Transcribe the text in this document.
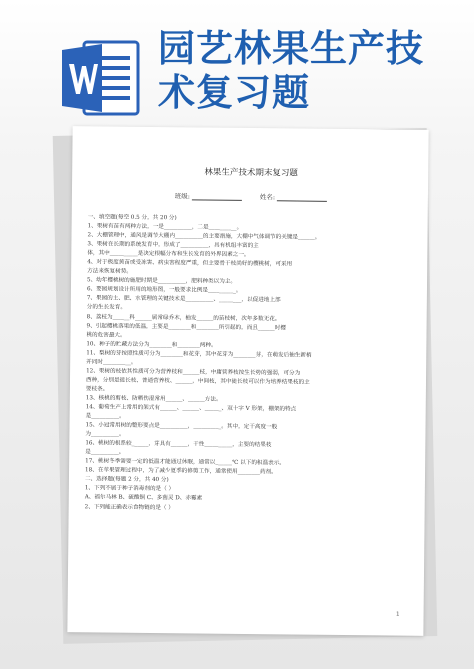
园艺林果生产技术复习题
林果生产技术期末复习题
班级:	姓名:
一、填空题(每空 0.5 分，共 20 分)
1、果树有苗有两种方法，一是__________，二是__________。
2、大棚管理中，通风是调节大棚内__________的主要措施，大棚中气体调节的关键是______。
3、果树在长期的系统发育中，形成了__________，具有机组丰富的主
体，其中__________是决定根幅分布和生长发育的外界因素之一。
4、对于极度黄苗或受冻害、病虫害程度严重，但主要骨干枝尚好的樱桃树，可采用
方法来恢复树势。
5、幼年樱桃树的施肥时期是__________，肥料种类以为主。
6、要园规划设计所用的地形图，一般要求比例是__________。
7、果园的土、肥、水管理的关键技术是__________、________，以促进地上部
分的生长发育。
8、荔枝为______科______属常绿乔木，柚发______的苗枝树，次年多数无花。
9、引起樱桃落果的低温，主要是________和________所引起的，而且______时樱
桃的危害最大。
10、种子的贮藏方法分为________和________两种。
11、梨树的芽按照性质可分为________和花芽，其中花芽为________芽，在萌发后抽生新梢
并同时__________。
12、果树的枝依其性质可分为营养枝和______枝，中庸营养枝按生长势的强弱，可分为
西种，分别是徒长枝、普通营养枝、______，中间枝，其中徒长枝可以作为培养结果枝的主
要枝条。
13、核桃的剪枝、防晒伤湿常用______、______方法。
14、葡萄生产上常用的架式有______、______、______、双十字 V 形架，棚架的特点
是__________。
15、小冠常用树的整形要点是__________，__________。其中，定干高度一般
为__________。
16、桃树的根系较______，芽具有______，干性__________，主要的结果枝
是__________。
17、桃树冬季需要一定的低温才能通过休眠，通常以______℃ 以下的积温表示。
18、在苹果管理过程中，为了减少夏季的修剪工作，通常使用________药剂。
二、选择题(每题 2 分，共 40 分)
1、下列不属于种子消毒剂的是（ ）
A、福尔马林 B、硫酸铜 C、多菌灵 D、赤霉素
2、下列能正确表示食物链的是（ ）
1
